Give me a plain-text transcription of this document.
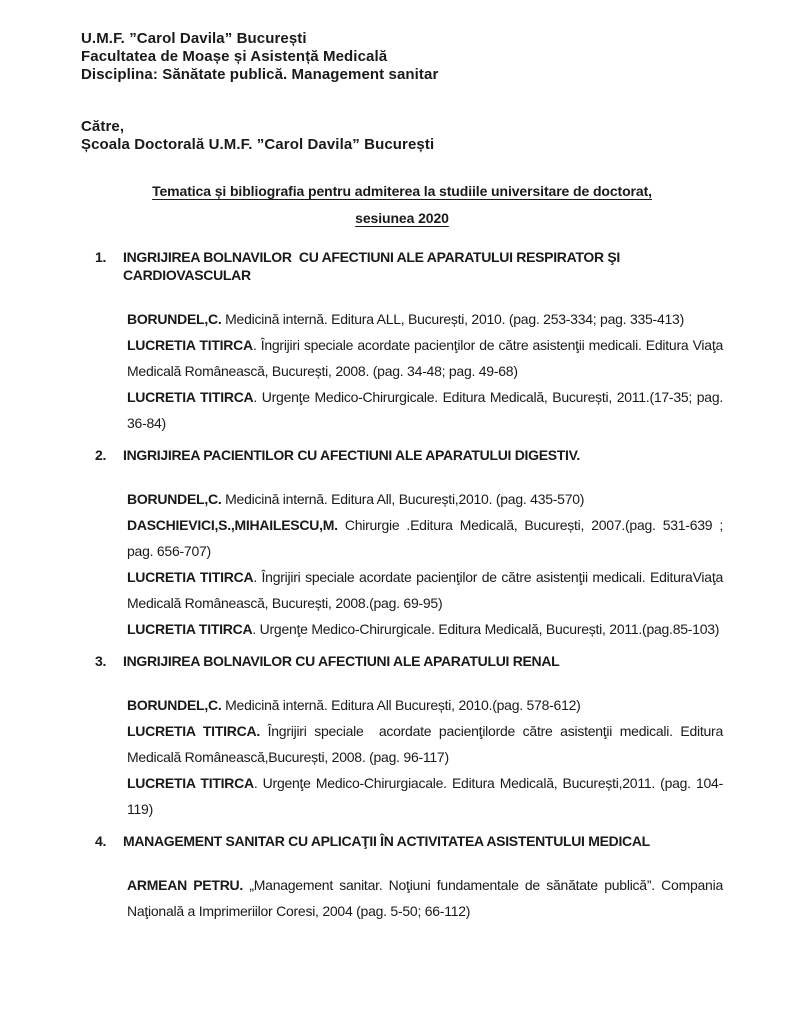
U.M.F. ”Carol Davila” București
Facultatea de Moașe și Asistență Medicală
Disciplina: Sănătate publică. Management sanitar
Către,
Școala Doctorală U.M.F. ”Carol Davila” București
Tematica și bibliografia pentru admiterea la studiile universitare de doctorat,
sesiunea 2020
1.	INGRIJIREA BOLNAVILOR  CU AFECTIUNI ALE APARATULUI RESPIRATOR ŞI CARDIOVASCULAR

BORUNDEL,C. Medicină internă. Editura ALL, București, 2010. (pag. 253-334; pag. 335-413)

LUCRETIA TITIRCA. Îngrijiri speciale acordate pacienţilor de către asistenţii medicali. Editura Viaţa Medicală Românească, București, 2008. (pag. 34-48; pag. 49-68)

LUCRETIA TITIRCA. Urgenţe Medico-Chirurgicale. Editura Medicală, București, 2011.(17-35; pag. 36-84)

2.	INGRIJIREA PACIENTILOR CU AFECTIUNI ALE APARATULUI DIGESTIV.

BORUNDEL,C. Medicină internă. Editura All, București,2010. (pag. 435-570)

DASCHIEVICI,S.,MIHAILESCU,M. Chirurgie .Editura Medicală, București, 2007.(pag. 531-639 ; pag. 656-707)

LUCRETIA TITIRCA. Îngrijiri speciale acordate pacienţilor de către asistenţii medicali. EdituraViaţa Medicală Românească, București, 2008.(pag. 69-95)

LUCRETIA TITIRCA. Urgenţe Medico-Chirurgicale. Editura Medicală, București, 2011.(pag.85-103)

3.	INGRIJIREA BOLNAVILOR CU AFECTIUNI ALE APARATULUI RENAL

BORUNDEL,C. Medicină internă. Editura All București, 2010.(pag. 578-612)

LUCRETIA TITIRCA. Îngrijiri speciale  acordate pacienţilorde către asistenţii medicali. Editura Medicală Românească,București, 2008. (pag. 96-117)

LUCRETIA TITIRCA. Urgenţe Medico-Chirurgiacale. Editura Medicală, București,2011. (pag. 104-119)

4.	MANAGEMENT SANITAR CU APLICAŢII ÎN ACTIVITATEA ASISTENTULUI MEDICAL

ARMEAN PETRU. „Management sanitar. Noţiuni fundamentale de sănătate publică”. Compania Naţională a Imprimeriilor Coresi, 2004 (pag. 5-50; 66-112)
